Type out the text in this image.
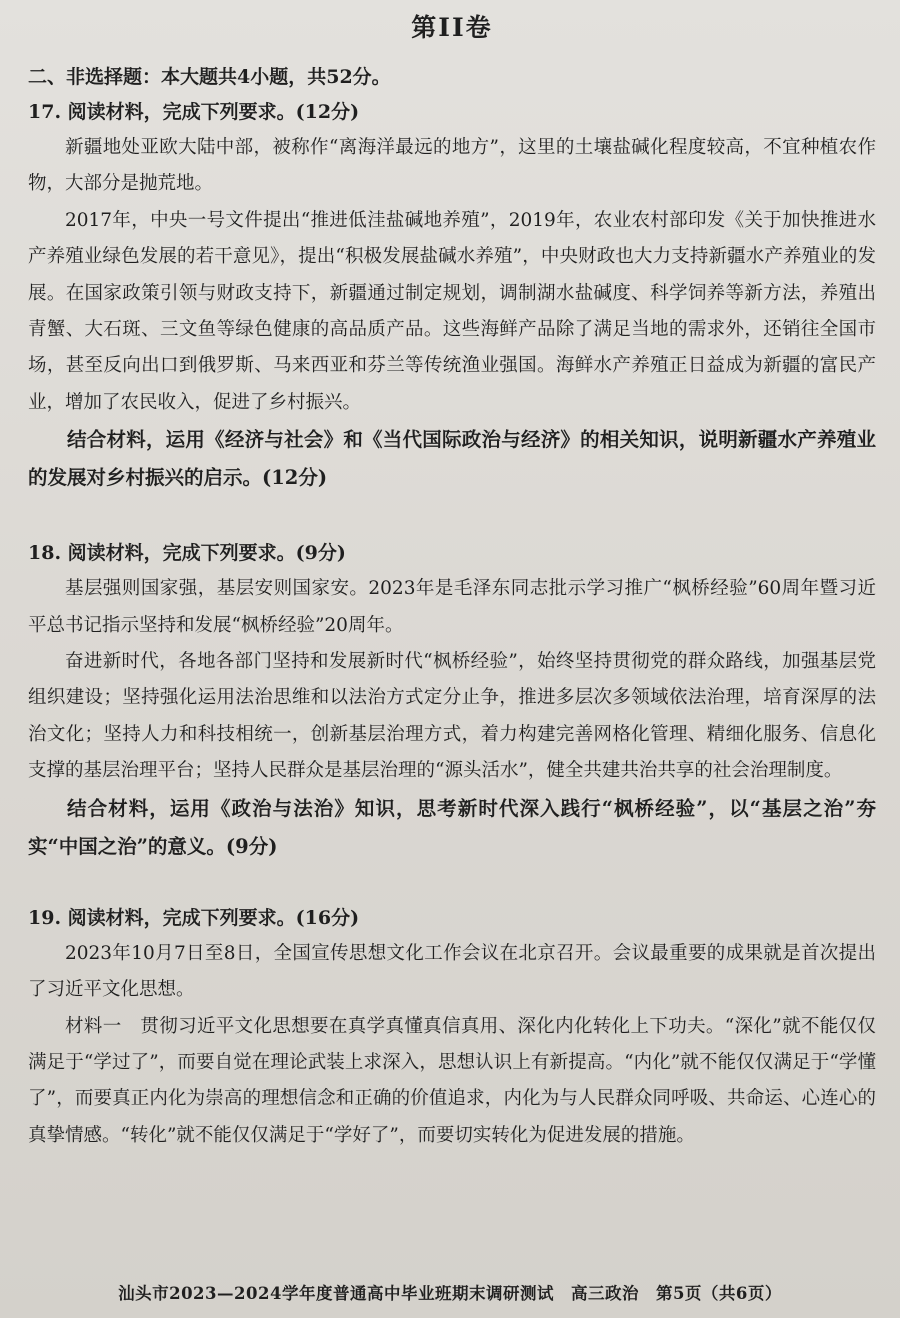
第II卷
二、非选择题：本大题共4小题，共52分。
17. 阅读材料，完成下列要求。(12分)

新疆地处亚欧大陆中部，被称作“离海洋最远的地方”，这里的土壤盐碱化程度较高，不宜种植农作物，大部分是抛荒地。

2017年，中央一号文件提出“推进低洼盐碱地养殖”，2019年，农业农村部印发《关于加快推进水产养殖业绿色发展的若干意见》，提出“积极发展盐碱水养殖”，中央财政也大力支持新疆水产养殖业的发展。在国家政策引领与财政支持下，新疆通过制定规划，调制湖水盐碱度、科学饲养等新方法，养殖出青蟹、大石斑、三文鱼等绿色健康的高品质产品。这些海鲜产品除了满足当地的需求外，还销往全国市场，甚至反向出口到俄罗斯、马来西亚和芬兰等传统渔业强国。海鲜水产养殖正日益成为新疆的富民产业，增加了农民收入，促进了乡村振兴。

结合材料，运用《经济与社会》和《当代国际政治与经济》的相关知识，说明新疆水产养殖业的发展对乡村振兴的启示。(12分)

18. 阅读材料，完成下列要求。(9分)

基层强则国家强，基层安则国家安。2023年是毛泽东同志批示学习推广“枫桥经验”60周年暨习近平总书记指示坚持和发展“枫桥经验”20周年。

奋进新时代，各地各部门坚持和发展新时代“枫桥经验”，始终坚持贯彻党的群众路线，加强基层党组织建设；坚持强化运用法治思维和以法治方式定分止争，推进多层次多领域依法治理，培育深厚的法治文化；坚持人力和科技相统一，创新基层治理方式，着力构建完善网格化管理、精细化服务、信息化支撑的基层治理平台；坚持人民群众是基层治理的“源头活水”，健全共建共治共享的社会治理制度。

结合材料，运用《政治与法治》知识，思考新时代深入践行“枫桥经验”，以“基层之治”夯实“中国之治”的意义。(9分)

19. 阅读材料，完成下列要求。(16分)

2023年10月7日至8日，全国宣传思想文化工作会议在北京召开。会议最重要的成果就是首次提出了习近平文化思想。

材料一　贯彻习近平文化思想要在真学真懂真信真用、深化内化转化上下功夫。“深化”就不能仅仅满足于“学过了”，而要自觉在理论武装上求深入，思想认识上有新提高。“内化”就不能仅仅满足于“学懂了”，而要真正内化为崇高的理想信念和正确的价值追求，内化为与人民群众同呼吸、共命运、心连心的真挚情感。“转化”就不能仅仅满足于“学好了”，而要切实转化为促进发展的措施。

汕头市2023—2024学年度普通高中毕业班期末调研测试　高三政治　第5页（共6页）
